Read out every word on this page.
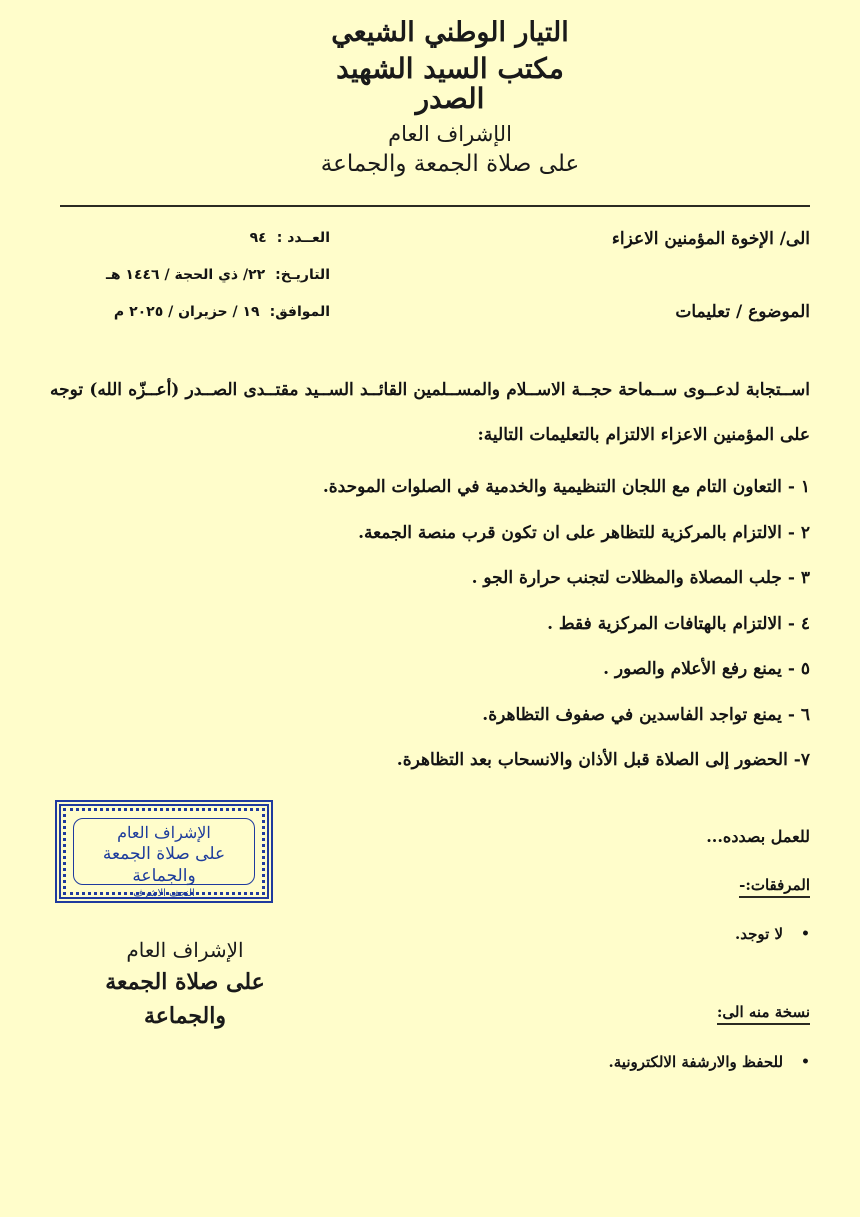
التيار الوطني الشيعي
مكتب السيد الشهيد الصدر
الإشراف العام
على صلاة الجمعة والجماعة
الى/ الإخوة المؤمنين الاعزاء
الموضوع / تعليمات
العــدد :
٩٤
التاريـخ:
٢٢/ ذي الحجة / ١٤٤٦ هـ
الموافق:
١٩ / حزيران / ٢٠٢٥ م

اســتجابة لدعــوى ســماحة حجــة الاســلام والمســلمين القائــد الســيد مقتــدى الصــدر (أعــزّه الله) توجه على المؤمنين الاعزاء الالتزام بالتعليمات التالية:

١ -التعاون التام مع اللجان التنظيمية والخدمية في الصلوات الموحدة.
٢ -الالتزام بالمركزية للتظاهر على ان تكون قرب منصة الجمعة.
٣ -جلب المصلاة والمظلات لتجنب حرارة الجو .
٤ -الالتزام بالهتافات المركزية فقط .
٥ -يمنع رفع الأعلام والصور .
٦ -يمنع تواجد الفاسدين في صفوف التظاهرة.
٧-الحضور إلى الصلاة قبل الأذان والانسحاب بعد التظاهرة.
للعمل بصدده...
المرفقات:-
•
لا توجد.
نسخة منه الى:
•
للحفظ والارشفة الالكترونية.
الإشراف العام
على صلاة الجمعة والجماعة
النجف الاشرف
الإشراف العام
على صلاة الجمعة والجماعة
